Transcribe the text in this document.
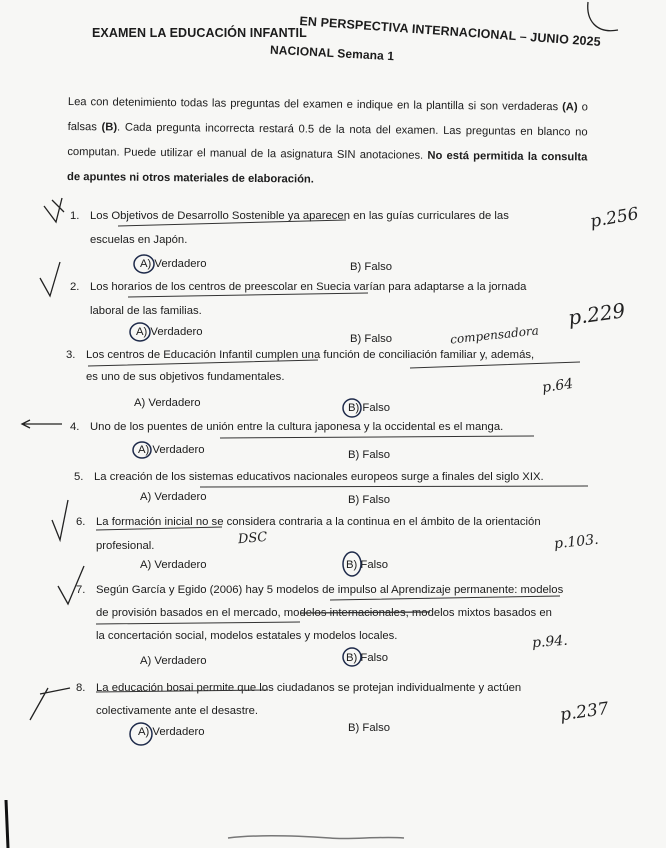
EXAMEN LA EDUCACIÓN INFANTIL
EN PERSPECTIVA INTERNACIONAL – JUNIO 2025
NACIONAL Semana 1
Lea con detenimiento todas las preguntas del examen e indique en la plantilla si son verdaderas (A) o falsas (B). Cada pregunta incorrecta restará 0.5 de la nota del examen. Las preguntas en blanco no computan. Puede utilizar el manual de la asignatura SIN anotaciones. No está permitida la consulta de apuntes ni otros materiales de elaboración.
1. Los Objetivos de Desarrollo Sostenible ya aparecen en las guías curriculares de las
escuelas en Japón.
A) Verdadero	B) Falso
2. Los horarios de los centros de preescolar en Suecia varían para adaptarse a la jornada
laboral de las familias.
A) Verdadero
B) Falso
3. Los centros de Educación Infantil cumplen una función de conciliación familiar y, además,
es uno de sus objetivos fundamentales.
A) Verdadero	B) Falso
4. Uno de los puentes de unión entre la cultura japonesa y la occidental es el manga.
A) Verdadero	B) Falso
5. La creación de los sistemas educativos nacionales europeos surge a finales del siglo XIX.
A) Verdadero	B) Falso
6. La formación inicial no se considera contraria a la continua en el ámbito de la orientación
profesional.
A) Verdadero	B) Falso
7. Según García y Egido (2006) hay 5 modelos de impulso al Aprendizaje permanente: modelos
de provisión basados en el mercado, modelos internacionales, modelos mixtos basados en
la concertación social, modelos estatales y modelos locales.
A) Verdadero	B) Falso
8. La educación bosai permite que los ciudadanos se protejan individualmente y actúen
colectivamente ante el desastre.
A) Verdadero	B) Falso
p.256
p.229
compensadora
p.64
DSC	p.103.
p.94.
p.237
